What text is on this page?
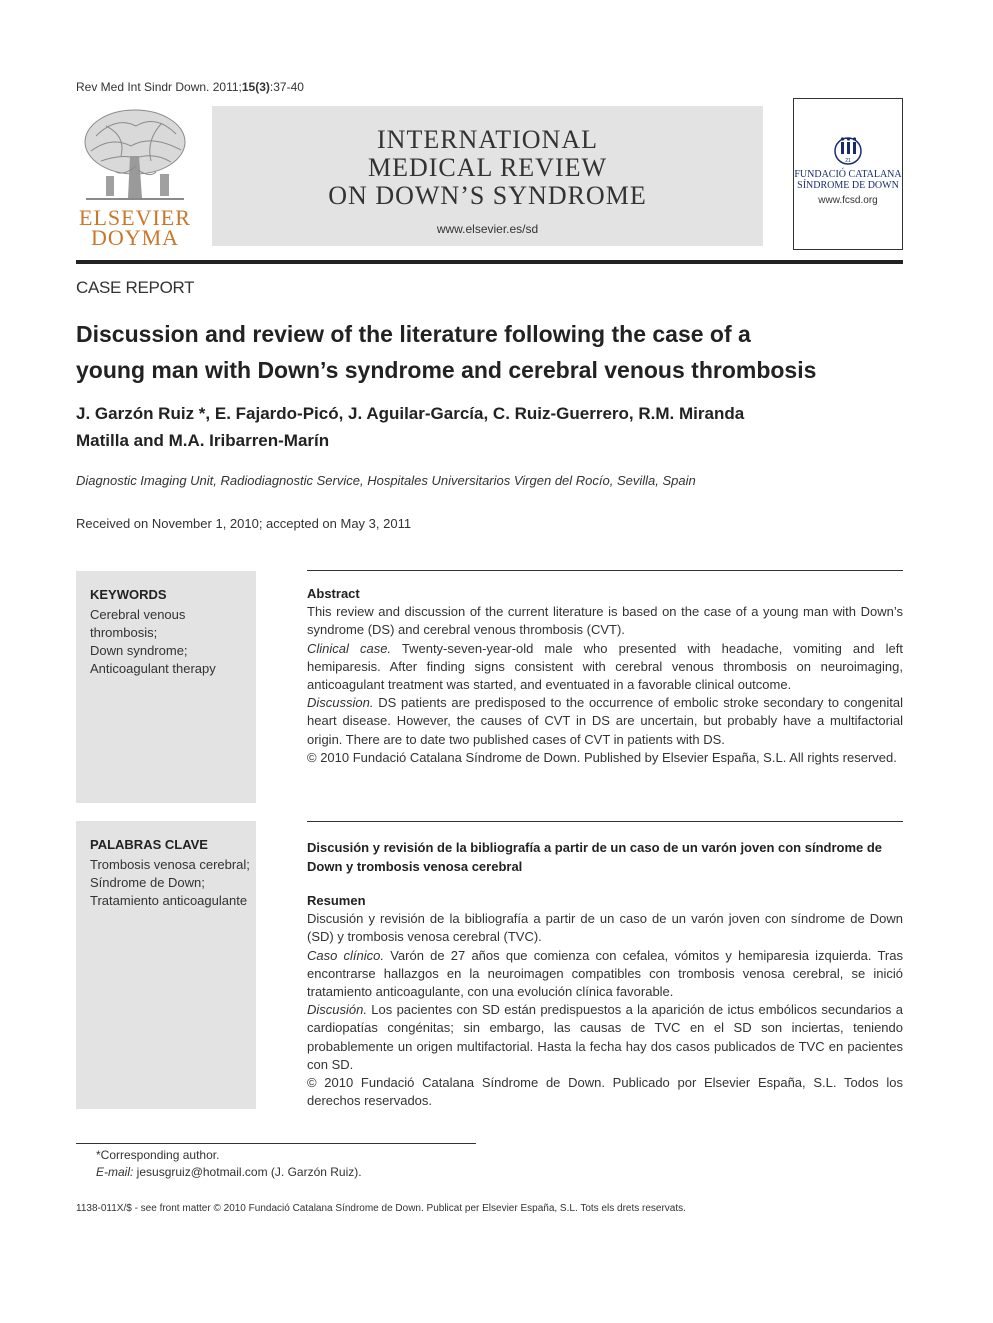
Rev Med Int Sindr Down. 2011;15(3):37-40
ELSEVIER
DOYMA
INTERNATIONAL
MEDICAL REVIEW
ON DOWN’S SYNDROME
www.elsevier.es/sd
21
FUNDACIÓ CATALANA
SÍNDROME DE DOWN
www.fcsd.org
CASE REPORT
Discussion and review of the literature following the case of a
young man with Down’s syndrome and cerebral venous thrombosis
J. Garzón Ruiz *, E. Fajardo-Picó, J. Aguilar-García, C. Ruiz-Guerrero, R.M. Miranda
Matilla and M.A. Iribarren-Marín
Diagnostic Imaging Unit, Radiodiagnostic Service, Hospitales Universitarios Virgen del Rocío, Sevilla, Spain
Received on November 1, 2010; accepted on May 3, 2011
KEYWORDS
Cerebral venous thrombosis;
Down syndrome;
Anticoagulant therapy

Abstract

This review and discussion of the current literature is based on the case of a young man with Down’s syndrome (DS) and cerebral venous thrombosis (CVT).

Clinical case. Twenty-seven-year-old male who presented with headache, vomiting and left hemiparesis. After finding signs consistent with cerebral venous thrombosis on neuroimaging, anticoagulant treatment was started, and eventuated in a favorable clinical outcome.

Discussion. DS patients are predisposed to the occurrence of embolic stroke secondary to congenital heart disease. However, the causes of CVT in DS are uncertain, but probably have a multifactorial origin. There are to date two published cases of CVT in patients with DS.

© 2010 Fundació Catalana Síndrome de Down. Published by Elsevier España, S.L. All rights reserved.

PALABRAS CLAVE
Trombosis venosa cerebral;
Síndrome de Down;
Tratamiento anticoagulante
Discusión y revisión de la bibliografía a partir de un caso de un varón joven con síndrome de Down y trombosis venosa cerebral

Resumen

Discusión y revisión de la bibliografía a partir de un caso de un varón joven con síndrome de Down (SD) y trombosis venosa cerebral (TVC).

Caso clínico. Varón de 27 años que comienza con cefalea, vómitos y hemiparesia izquierda. Tras encontrarse hallazgos en la neuroimagen compatibles con trombosis venosa cerebral, se inició tratamiento anticoagulante, con una evolución clínica favorable.

Discusión. Los pacientes con SD están predispuestos a la aparición de ictus embólicos secundarios a cardiopatías congénitas; sin embargo, las causas de TVC en el SD son inciertas, teniendo probablemente un origen multifactorial. Hasta la fecha hay dos casos publicados de TVC en pacientes con SD.

© 2010 Fundació Catalana Síndrome de Down. Publicado por Elsevier España, S.L. Todos los derechos reservados.

*Corresponding author.
E-mail: jesusgruiz@hotmail.com (J. Garzón Ruiz).
1138-011X/$ - see front matter © 2010 Fundació Catalana Síndrome de Down. Publicat per Elsevier España, S.L. Tots els drets reservats.
